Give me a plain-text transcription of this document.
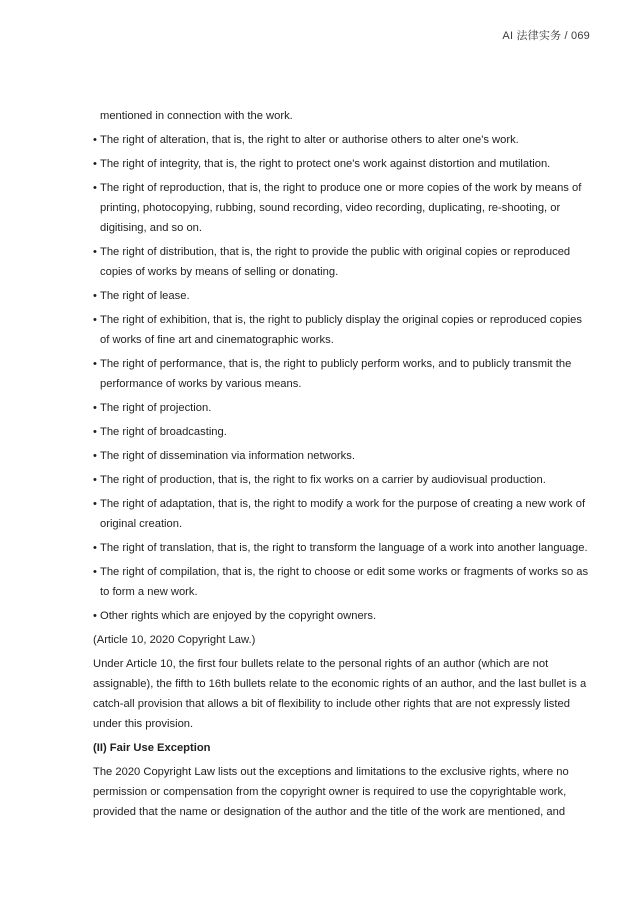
AI 法律实务 / 069
mentioned in connection with the work.
• The right of alteration, that is, the right to alter or authorise others to alter one's work.
• The right of integrity, that is, the right to protect one's work against distortion and mutilation.
• The right of reproduction, that is, the right to produce one or more copies of the work by means of printing, photocopying, rubbing, sound recording, video recording, duplicating, re-shooting, or digitising, and so on.
• The right of distribution, that is, the right to provide the public with original copies or reproduced copies of works by means of selling or donating.
• The right of lease.
• The right of exhibition, that is, the right to publicly display the original copies or reproduced copies of works of fine art and cinematographic works.
• The right of performance, that is, the right to publicly perform works, and to publicly transmit the performance of works by various means.
• The right of projection.
• The right of broadcasting.
• The right of dissemination via information networks.
• The right of production, that is, the right to fix works on a carrier by audiovisual production.
• The right of adaptation, that is, the right to modify a work for the purpose of creating a new work of original creation.
• The right of translation, that is, the right to transform the language of a work into another language.
• The right of compilation, that is, the right to choose or edit some works or fragments of works so as to form a new work.
• Other rights which are enjoyed by the copyright owners.

(Article 10, 2020 Copyright Law.)

Under Article 10, the first four bullets relate to the personal rights of an author (which are not assignable), the fifth to 16th bullets relate to the economic rights of an author, and the last bullet is a catch-all provision that allows a bit of flexibility to include other rights that are not expressly listed under this provision.

(II) Fair Use Exception

The 2020 Copyright Law lists out the exceptions and limitations to the exclusive rights, where no permission or compensation from the copyright owner is required to use the copyrightable work, provided that the name or designation of the author and the title of the work are mentioned, and
